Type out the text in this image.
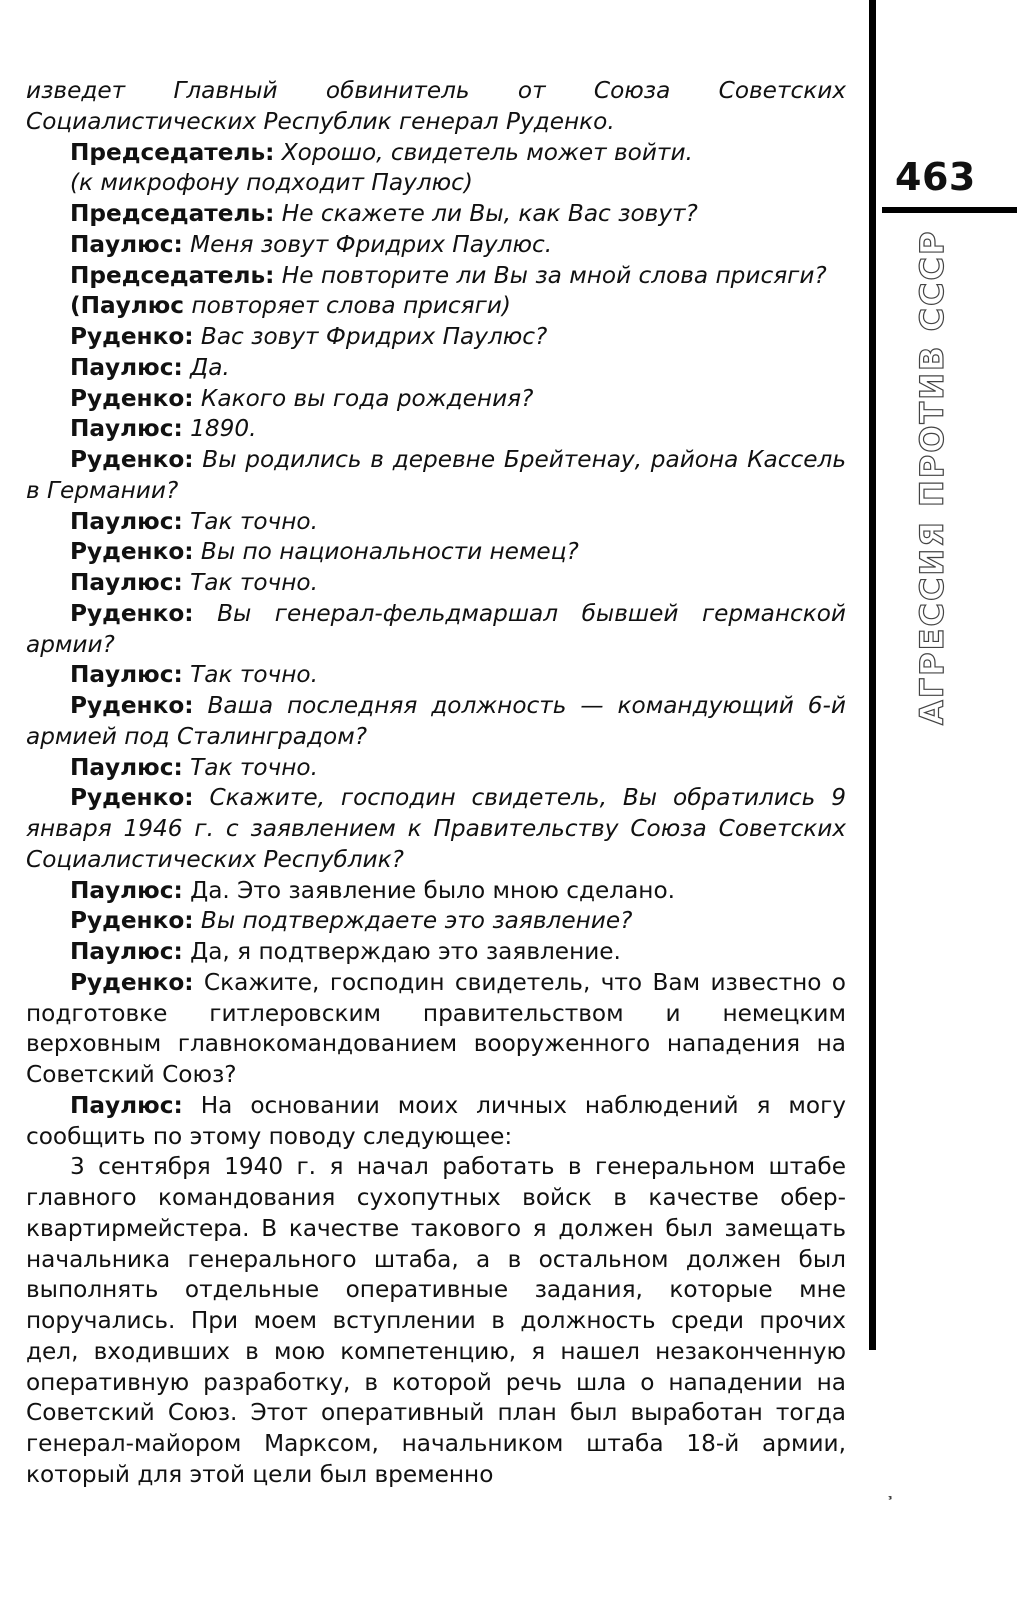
изведет Главный обвинитель от Союза Советских Социалистических Республик генерал Руденко.

Председатель: Хорошо, свидетель может войти.

(к микрофону подходит Паулюс)

Председатель: Не скажете ли Вы, как Вас зовут?

Паулюс: Меня зовут Фридрих Паулюс.

Председатель: Не повторите ли Вы за мной слова присяги?

(Паулюс повторяет слова присяги)

Руденко: Вас зовут Фридрих Паулюс?

Паулюс: Да.

Руденко: Какого вы года рождения?

Паулюс: 1890.

Руденко: Вы родились в деревне Брейтенау, района Кассель в Германии?

Паулюс: Так точно.

Руденко: Вы по национальности немец?

Паулюс: Так точно.

Руденко: Вы генерал-фельдмаршал бывшей германской армии?

Паулюс: Так точно.

Руденко: Ваша последняя должность — командующий 6-й армией под Сталинградом?

Паулюс: Так точно.

Руденко: Скажите, господин свидетель, Вы обратились 9 января 1946 г. с заявлением к Правительству Союза Советских Социалистических Республик?

Паулюс: Да. Это заявление было мною сделано.

Руденко: Вы подтверждаете это заявление?

Паулюс: Да, я подтверждаю это заявление.

Руденко: Скажите, господин свидетель, что Вам известно о подготовке гитлеровским правительством и немецким верховным главнокомандованием вооруженного нападения на Советский Союз?

Паулюс: На основании моих личных наблюдений я могу сообщить по этому поводу следующее:

3 сентября 1940 г. я начал работать в генеральном штабе главного командования сухопутных войск в качестве обер-квартирмейстера. В качестве такового я должен был замещать начальника генерального штаба, а в остальном должен был выполнять отдельные оперативные задания, которые мне поручались. При моем вступлении в должность среди прочих дел, входивших в мою компетенцию, я нашел незаконченную оперативную разработку, в которой речь шла о нападении на Советский Союз. Этот оперативный план был выработан тогда генерал-майором Марксом, начальником штаба 18-й армии, который для этой цели был временно

463
АГРЕССИЯ ПРОТИВ СССР
ᵌ
